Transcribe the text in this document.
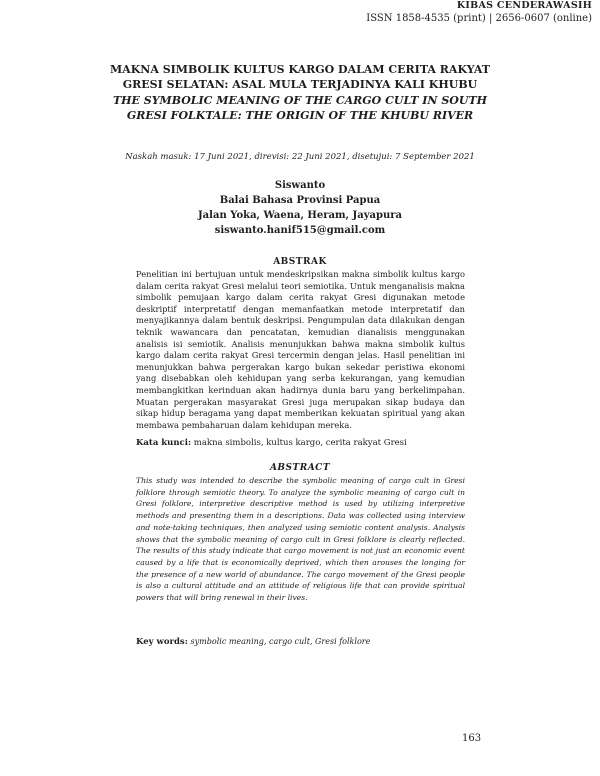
KIBAS CENDERAWASIH
ISSN 1858-4535 (print) | 2656-0607 (online)
MAKNA SIMBOLIK KULTUS KARGO DALAM CERITA RAKYAT GRESI SELATAN: ASAL MULA TERJADINYA KALI KHUBU
THE SYMBOLIC MEANING OF THE CARGO CULT IN SOUTH GRESI FOLKTALE: THE ORIGIN OF THE KHUBU RIVER
Naskah masuk: 17 Juni 2021, direvisi: 22 Juni 2021, disetujui: 7 September 2021
Siswanto
Balai Bahasa Provinsi Papua
Jalan Yoka, Waena, Heram, Jayapura
siswanto.hanif515@gmail.com
ABSTRAK
Penelitian ini bertujuan untuk mendeskripsikan makna simbolik kultus kargo dalam cerita rakyat Gresi melalui teori semiotika. Untuk menganalisis makna simbolik pemujaan kargo dalam cerita rakyat Gresi digunakan metode deskriptif interpretatif dengan memanfaatkan metode interpretatif dan menyajikannya dalam bentuk deskripsi. Pengumpulan data dilakukan dengan teknik wawancara dan pencatatan, kemudian dianalisis menggunakan analisis isi semiotik. Analisis menunjukkan bahwa makna simbolik kultus kargo dalam cerita rakyat Gresi tercermin dengan jelas. Hasil penelitian ini menunjukkan bahwa pergerakan kargo bukan sekedar peristiwa ekonomi yang disebabkan oleh kehidupan yang serba kekurangan, yang kemudian membangkitkan kerinduan akan hadirnya dunia baru yang berkelimpahan. Muatan pergerakan masyarakat Gresi juga merupakan sikap budaya dan sikap hidup beragama yang dapat memberikan kekuatan spiritual yang akan membawa pembaharuan dalam kehidupan mereka.
Kata kunci: makna simbolis, kultus kargo, cerita rakyat Gresi
ABSTRACT
This study was intended to describe the symbolic meaning of cargo cult in Gresi folklore through semiotic theory. To analyze the symbolic meaning of cargo cult in Gresi folklore, interpretive descriptive method is used by utilizing interpretive methods and presenting them in a descriptions. Data was collected using interview and note-taking techniques, then analyzed using semiotic content analysis. Analysis shows that the symbolic meaning of cargo cult in Gresi folklore is clearly reflected. The results of this study indicate that cargo movement is not just an economic event caused by a life that is economically deprived, which then arouses the longing for the presence of a new world of abundance. The cargo movement of the Gresi people is also a cultural attitude and an attitude of religious life that can provide spiritual powers that will bring renewal in their lives.
Key words: symbolic meaning, cargo cult, Gresi folklore
163
